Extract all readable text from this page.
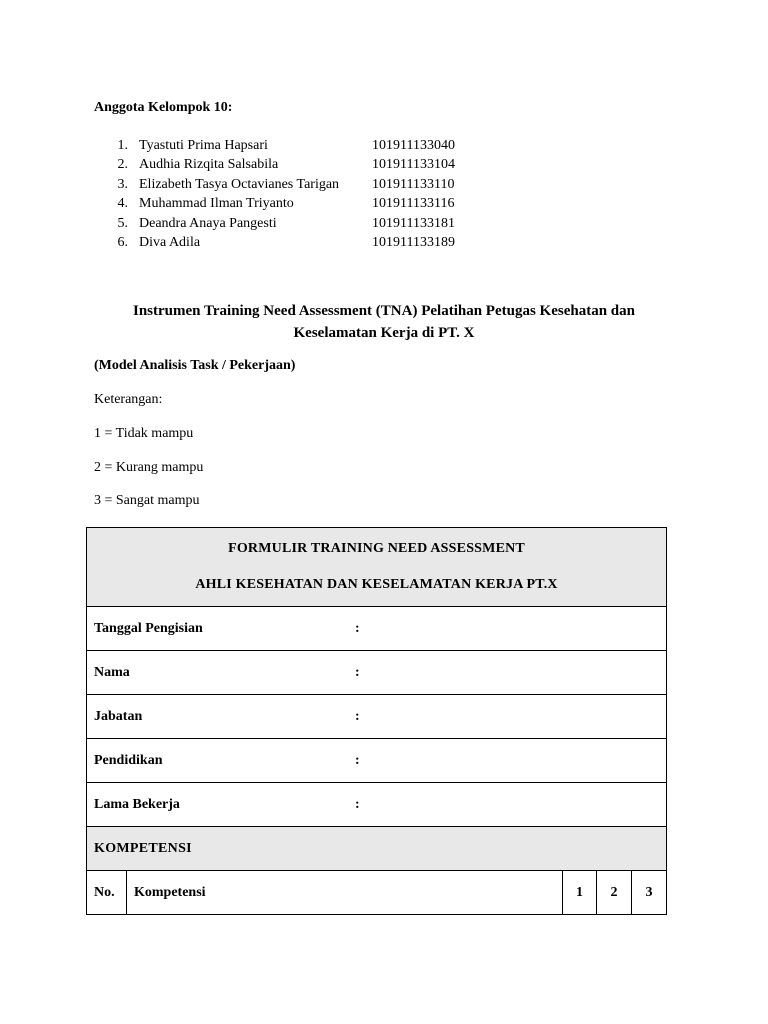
Anggota Kelompok 10:
1. Tyastuti Prima Hapsari	101911133040
2. Audhia Rizqita Salsabila	101911133104
3. Elizabeth Tasya Octavianes Tarigan 101911133110
4. Muhammad Ilman Triyanto	101911133116
5. Deandra Anaya Pangesti	101911133181
6. Diva Adila	101911133189
Instrumen Training Need Assessment (TNA) Pelatihan Petugas Kesehatan dan
Keselamatan Kerja di PT. X
(Model Analisis Task / Pekerjaan)
Keterangan:
1 = Tidak mampu
2 = Kurang mampu
3 = Sangat mampu
FORMULIR TRAINING NEED ASSESSMENT
AHLI KESEHATAN DAN KESELAMATAN KERJA PT.X

Tanggal Pengisian	:

Nama	:

Jabatan	:

Pendidikan	:

Lama Bekerja	:

KOMPETENSI
No.	Kompetensi	1	2	3
